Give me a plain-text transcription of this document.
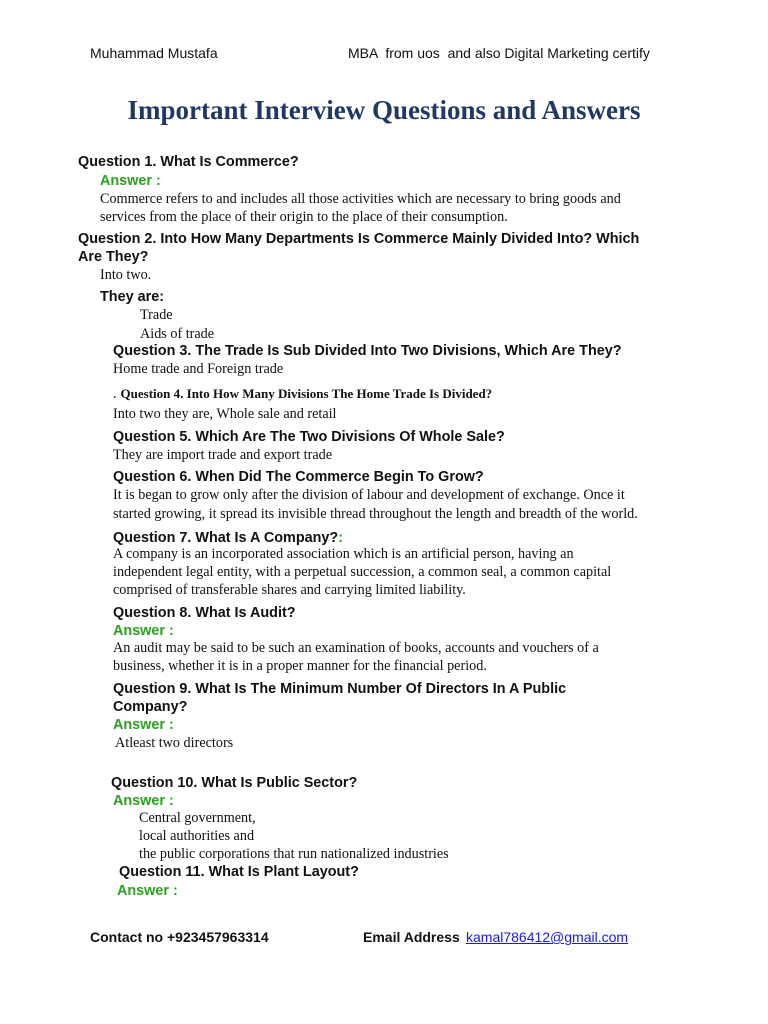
Muhammad Mustafa	MBA  from uos  and also Digital Marketing certify
Important Interview Questions and Answers
Question 1. What Is Commerce?
Answer :
Commerce refers to and includes all those activities which are necessary to bring goods and
services from the place of their origin to the place of their consumption.
Question 2. Into How Many Departments Is Commerce Mainly Divided Into? Which
Are They?
Into two.
They are:
Trade
Aids of trade
Question 3. The Trade Is Sub Divided Into Two Divisions, Which Are They?
Home trade and Foreign trade
. Question 4. Into How Many Divisions The Home Trade Is Divided?
Into two they are, Whole sale and retail
Question 5. Which Are The Two Divisions Of Whole Sale?
They are import trade and export trade
Question 6. When Did The Commerce Begin To Grow?
It is began to grow only after the division of labour and development of exchange. Once it
started growing, it spread its invisible thread throughout the length and breadth of the world.
Question 7. What Is A Company?:
A company is an incorporated association which is an artificial person, having an
independent legal entity, with a perpetual succession, a common seal, a common capital
comprised of transferable shares and carrying limited liability.
Question 8. What Is Audit?
Answer :
An audit may be said to be such an examination of books, accounts and vouchers of a
business, whether it is in a proper manner for the financial period.
Question 9. What Is The Minimum Number Of Directors In A Public
Company?
Answer :
Atleast two directors
Question 10. What Is Public Sector?
Answer :
Central government,
local authorities and
the public corporations that run nationalized industries
Question 11. What Is Plant Layout?
Answer :
Contact no +923457963314	Email Address kamal786412@gmail.com
